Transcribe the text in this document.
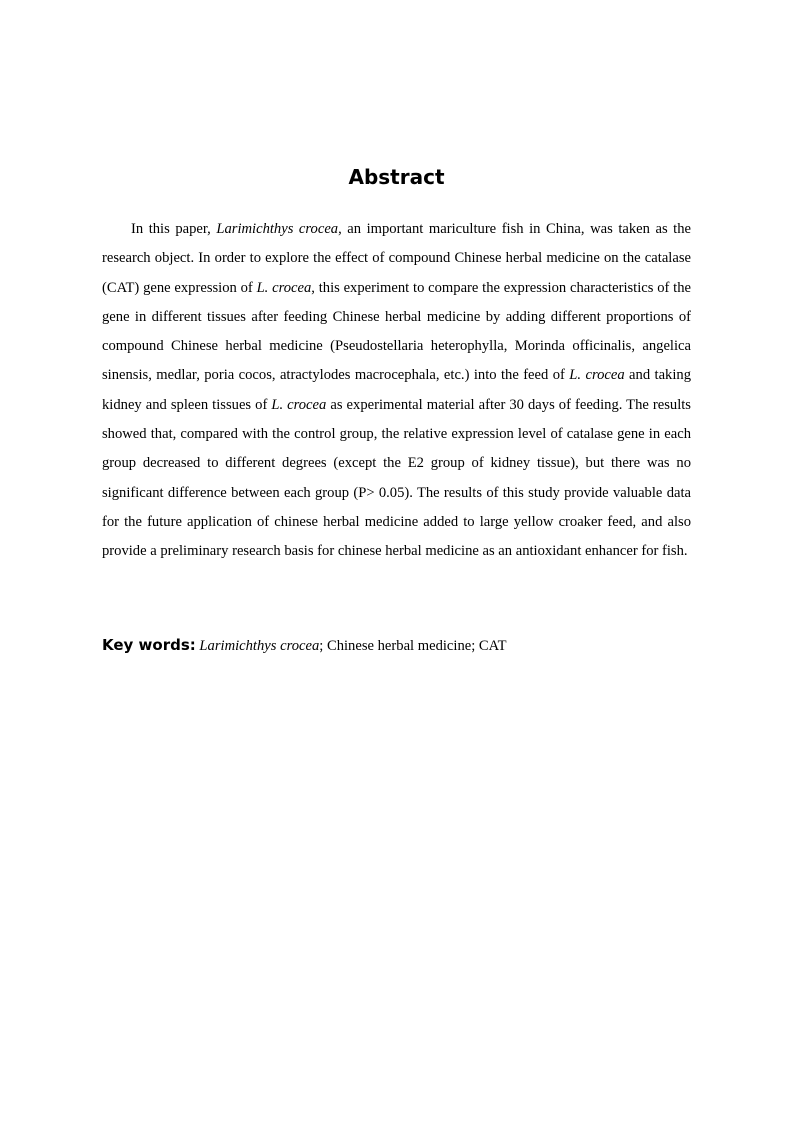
Abstract

In this paper, Larimichthys crocea, an important mariculture fish in China, was taken as the research object. In order to explore the effect of compound Chinese herbal medicine on the catalase (CAT) gene expression of L. crocea, this experiment to compare the expression characteristics of the gene in different tissues after feeding Chinese herbal medicine by adding different proportions of compound Chinese herbal medicine (Pseudostellaria heterophylla, Morinda officinalis, angelica sinensis, medlar, poria cocos, atractylodes macrocephala, etc.) into the feed of L. crocea and taking kidney and spleen tissues of L. crocea as experimental material after 30 days of feeding. The results showed that, compared with the control group, the relative expression level of catalase gene in each group decreased to different degrees (except the E2 group of kidney tissue), but there was no significant difference between each group (P> 0.05). The results of this study provide valuable data for the future application of chinese herbal medicine added to large yellow croaker feed, and also provide a preliminary research basis for chinese herbal medicine as an antioxidant enhancer for fish.

Key words: Larimichthys crocea; Chinese herbal medicine; CAT
